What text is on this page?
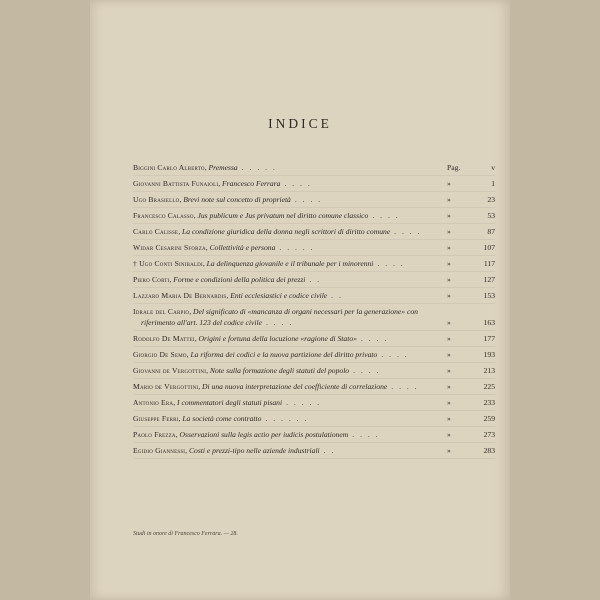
INDICE
Biggini Carlo Alberto, Premessa . . . . .	Pag.	v
Giovanni Battista Funaioli, Francesco Ferrara . . . .	»	1
Ugo Brasiello, Brevi note sul concetto di proprietà . . . .	»	23
Francesco Calasso, Jus publicum e Jus privatum nel diritto comune classico . . . .	»	53
Carlo Calisse, La condizione giuridica della donna negli scrittori di diritto comune . . . .	»	87
Widar Cesarini Sforza, Collettività e persona . . . . .	»	107
† Ugo Conti Sinibaldi, La delinquenza giovanile e il tribunale per i minorenni . . . .	»	117
Piero Corti, Forme e condizioni della politica dei prezzi . .	»	127
Lazzaro Maria De Bernardis, Enti ecclesiastici e codice civile . .	»	153
Idrale del Carpio, Del significato di «mancanza di organi necessari per la generazione» con riferimento all'art. 123 del codice civile . . . .	»	163
Rodolfo De Mattei, Origini e fortuna della locuzione «ragione di Stato» . . . .	»	177
Giorgio De Semo, La riforma dei codici e la nuova partizione del diritto privato . . . .	»	193
Giovanni de Vergottini, Note sulla formazione degli statuti del popolo . . . .	»	213
Mario de Vergottini, Di una nuova interpretazione del coefficiente di correlazione . . . .	»	225
Antonio Era, I commentatori degli statuti pisani . . . . .	»	233
Giuseppe Ferri, La società come contratto . . . . . .	»	259
Paolo Frezza, Osservazioni sulla legis actio per iudicis postulationem . . . .	»	273
Egidio Giannessi, Costi e prezzi-tipo nelle aziende industriali . .	»	283
Studi in onore di Francesco Ferrara. — 28.
